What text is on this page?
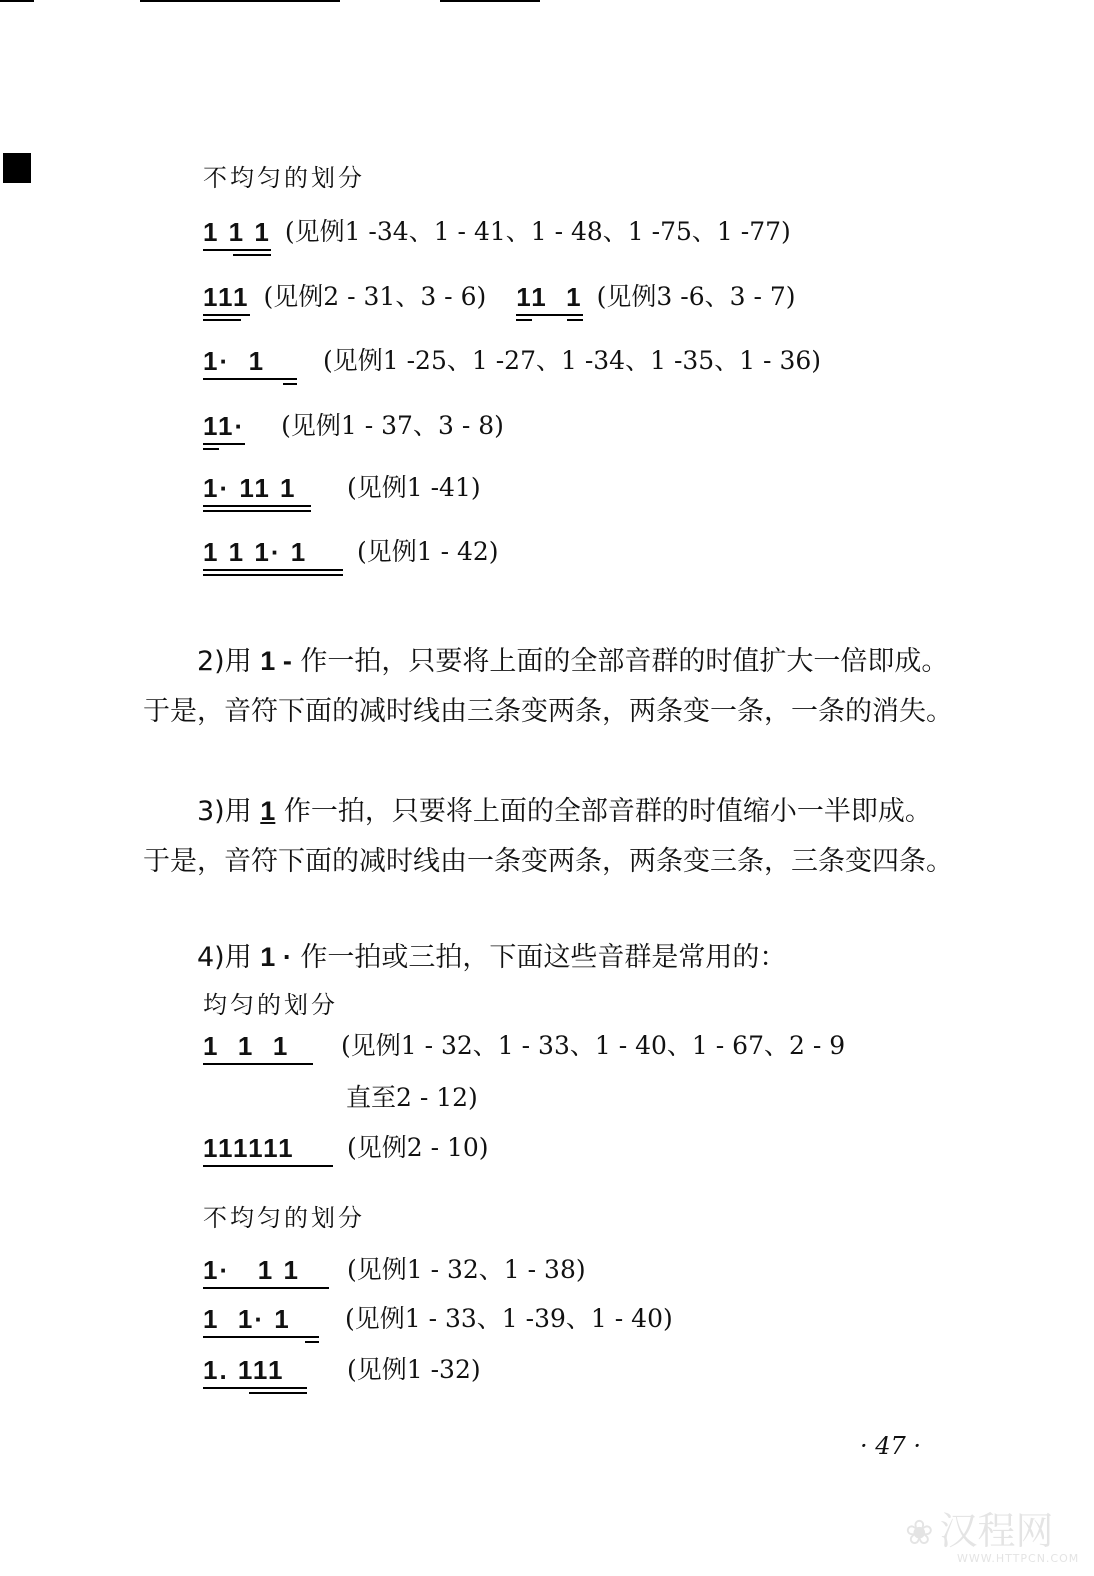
不均匀的划分
1 1 1 (见例1 -34、1 - 41、1 - 48、1 -75、1 -77)
111 (见例2 - 31、3 - 6) 11  1 (见例3 -6、3 - 7)
1·  1 (见例1 -25、1 -27、1 -34、1 -35、1 - 36)
11· (见例1 - 37、3 - 8)
1· 11 1 (见例1 -41)
1 1 1· 1 (见例1 - 42)
2)用 1 - 作一拍，只要将上面的全部音群的时值扩大一倍即成。于是，音符下面的减时线由三条变两条，两条变一条，一条的消失。
3)用 1 作一拍，只要将上面的全部音群的时值缩小一半即成。于是，音符下面的减时线由一条变两条，两条变三条，三条变四条。
4)用 1 · 作一拍或三拍，下面这些音群是常用的：
均匀的划分
1  1  1 (见例1 - 32、1 - 33、1 - 40、1 - 67、2 - 9
直至2 - 12)
111111 (见例2 - 10)
不均匀的划分
1·   1 1 (见例1 - 32、1 - 38)
1  1· 1 (见例1 - 33、1 -39、1 - 40)
1. 111	(见例1 -32)
· 47 ·
❀ 汉程网
WWW.HTTPCN.COM
